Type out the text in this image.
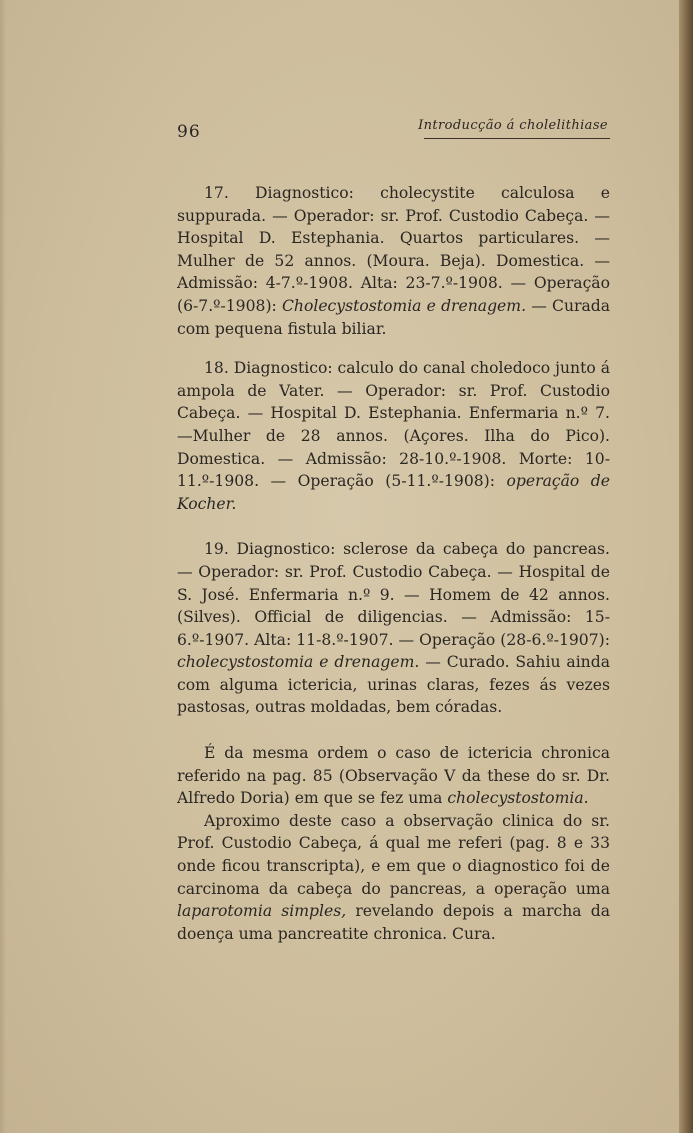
96	Introducção á cholelithiase

17. Diagnostico: cholecystite calculosa e suppurada. — Operador: sr. Prof. Custodio Cabeça. — Hospital D. Estephania. Quartos particulares. — Mulher de 52 annos. (Moura. Beja). Domestica. — Admissão: 4-7.º-1908. Alta: 23-7.º-1908. — Operação (6-7.º-1908): Cholecystostomia e drenagem. — Curada com pequena fistula biliar.

18. Diagnostico: calculo do canal choledoco junto á ampola de Vater. — Operador: sr. Prof. Custodio Cabeça. — Hospital D. Estephania. Enfermaria n.º 7. —Mulher de 28 annos. (Açores. Ilha do Pico). Domestica. — Admissão: 28-10.º-1908. Morte: 10-11.º-1908. — Operação (5-11.º-1908): operação de Kocher.

19. Diagnostico: sclerose da cabeça do pancreas. — Operador: sr. Prof. Custodio Cabeça. — Hospital de S. José. Enfermaria n.º 9. — Homem de 42 annos. (Silves). Official de diligencias. — Admissão: 15-6.º-1907. Alta: 11-8.º-1907. — Operação (28-6.º-1907): cholecystostomia e drenagem. — Curado. Sahiu ainda com alguma ictericia, urinas claras, fezes ás vezes pastosas, outras moldadas, bem córadas.

É da mesma ordem o caso de ictericia chronica referido na pag. 85 (Observação V da these do sr. Dr. Alfredo Doria) em que se fez uma cholecystostomia.

Aproximo deste caso a observação clinica do sr. Prof. Custodio Cabeça, á qual me referi (pag. 8 e 33 onde ficou transcripta), e em que o diagnostico foi de carcinoma da cabeça do pancreas, a operação uma laparotomia simples, revelando depois a marcha da doença uma pancreatite chronica. Cura.
